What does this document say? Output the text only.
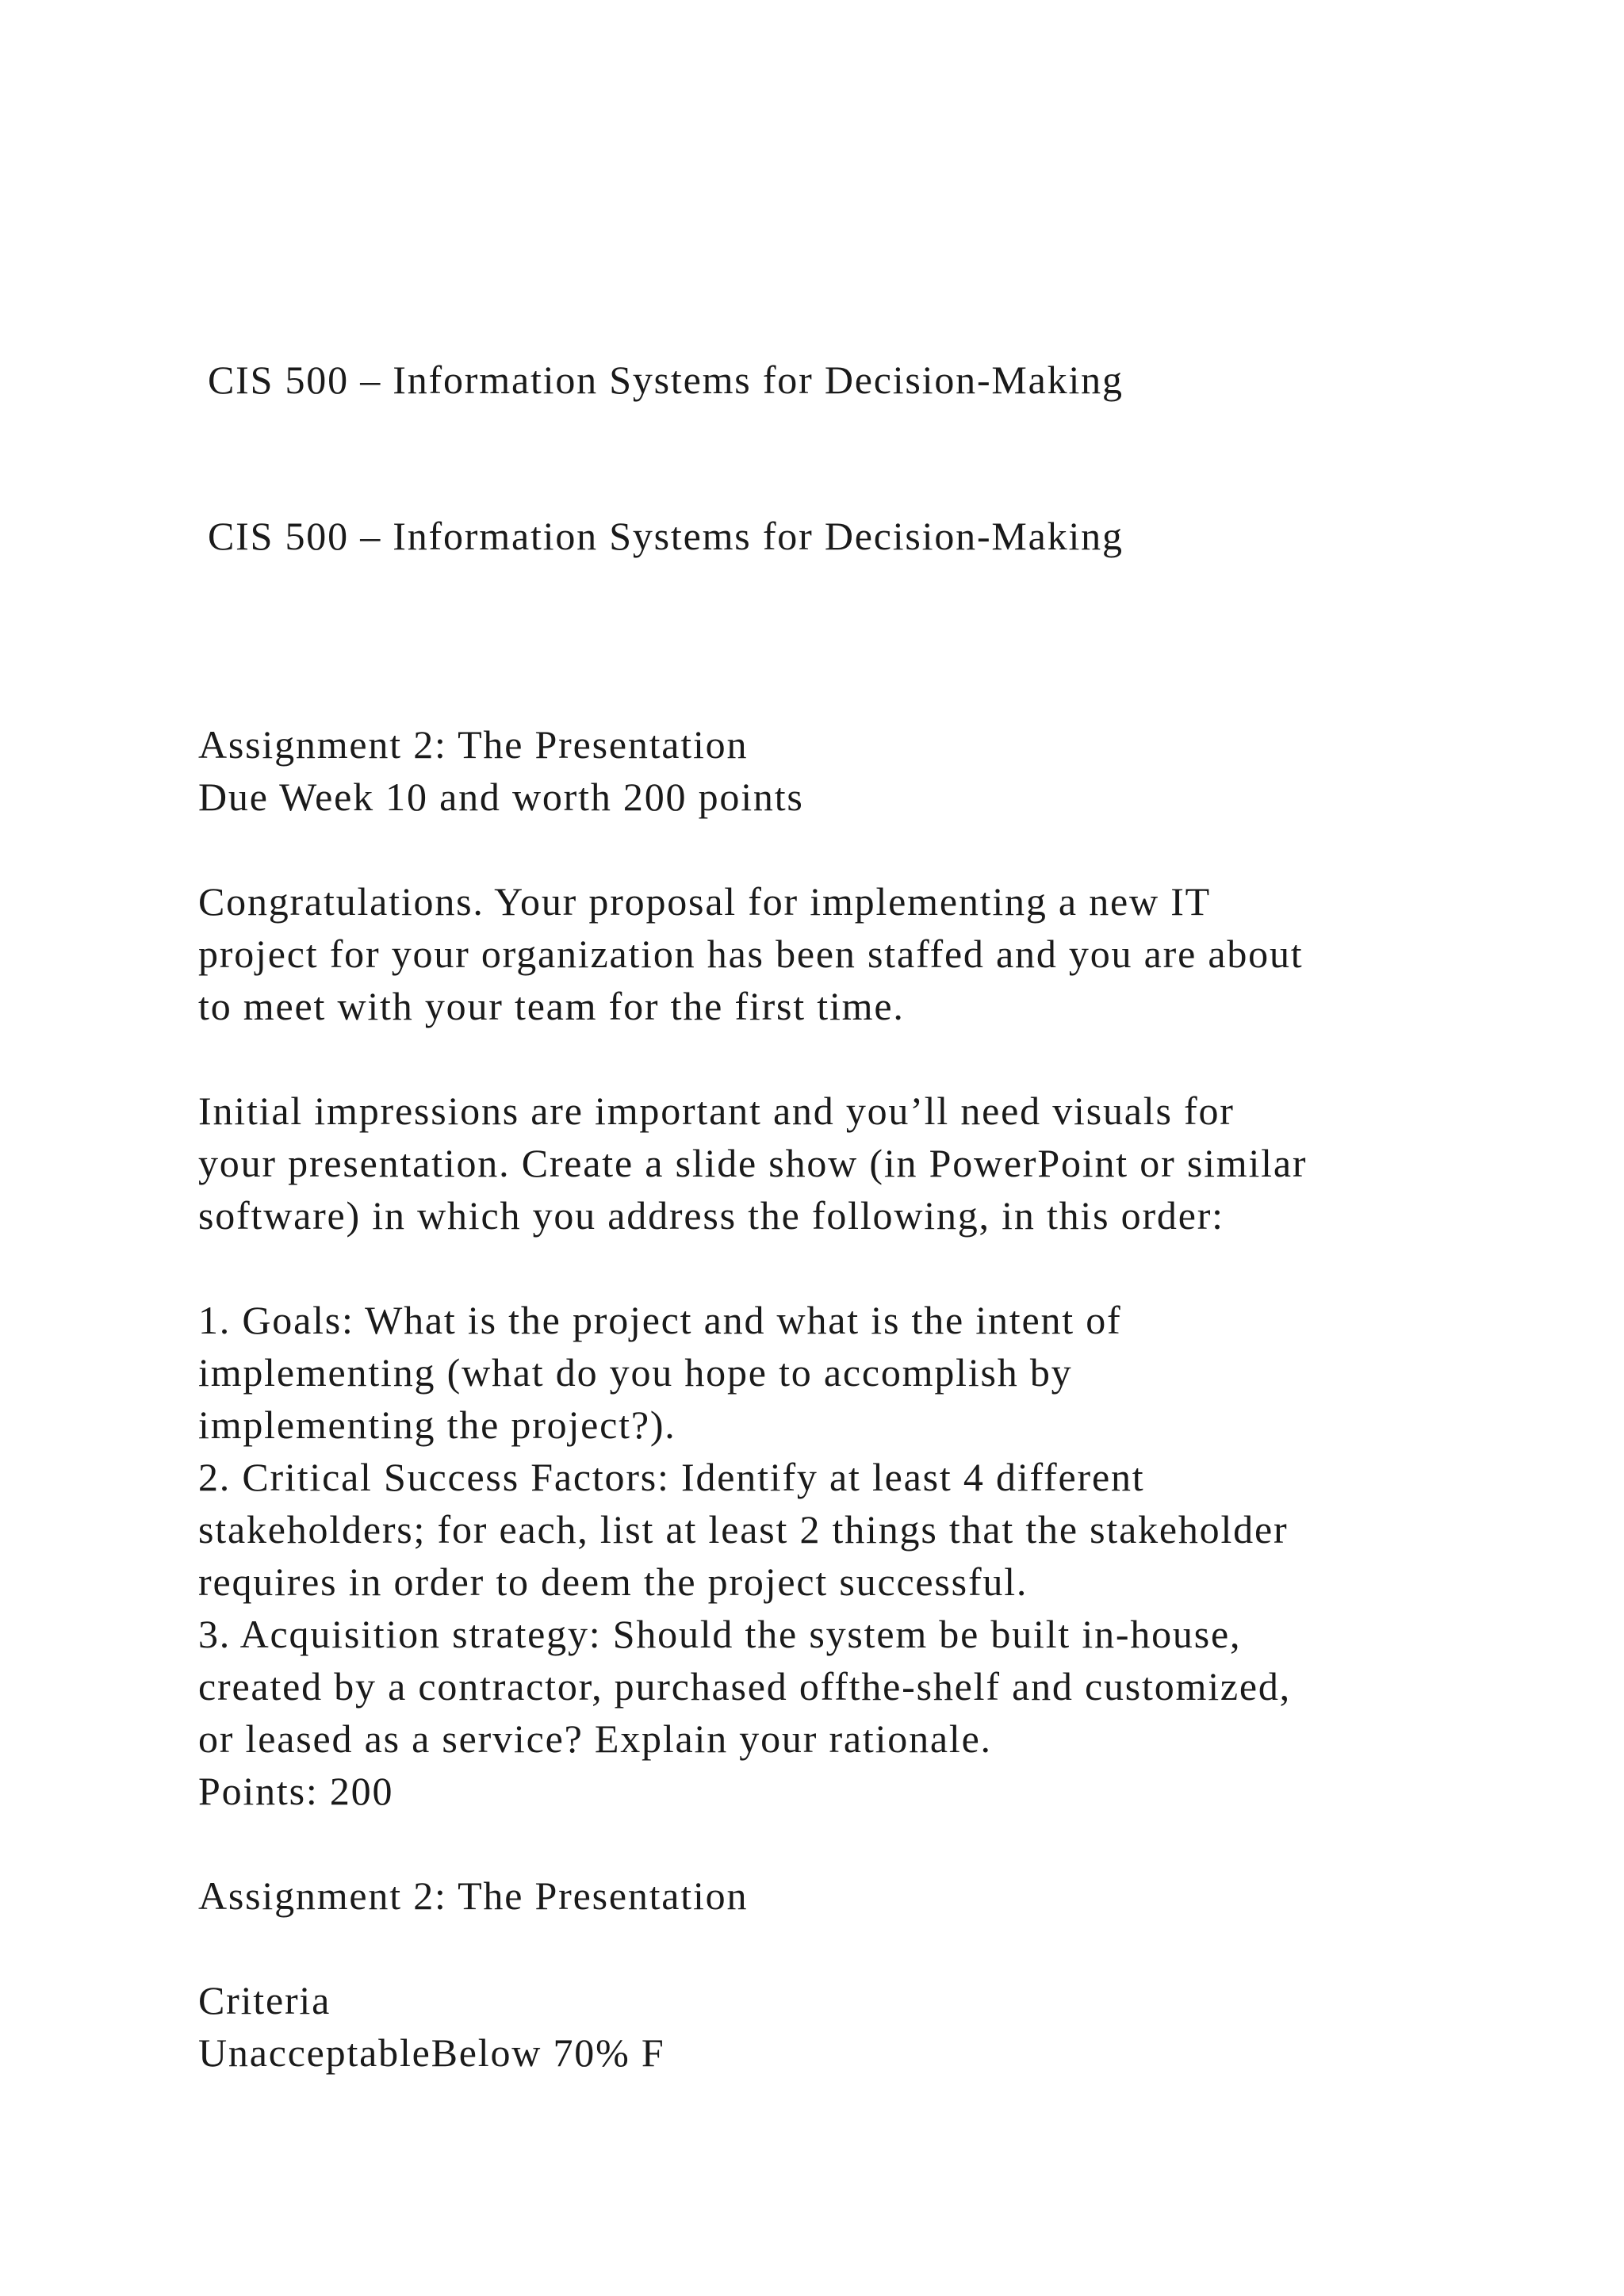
CIS 500 – Information Systems for Decision-Making
CIS 500 – Information Systems for Decision-Making
Assignment 2: The Presentation
Due Week 10 and worth 200 points
Congratulations. Your proposal for implementing a new IT
project for your organization has been staffed and you are about
to meet with your team for the first time.
Initial impressions are important and you’ll need visuals for
your presentation. Create a slide show (in PowerPoint or similar
software) in which you address the following, in this order:
1. Goals: What is the project and what is the intent of
implementing (what do you hope to accomplish by
implementing the project?).
2. Critical Success Factors: Identify at least 4 different
stakeholders; for each, list at least 2 things that the stakeholder
requires in order to deem the project successful.
3. Acquisition strategy: Should the system be built in-house,
created by a contractor, purchased offthe-shelf and customized,
or leased as a service? Explain your rationale.
Points: 200
Assignment 2: The Presentation
Criteria
UnacceptableBelow 70% F
